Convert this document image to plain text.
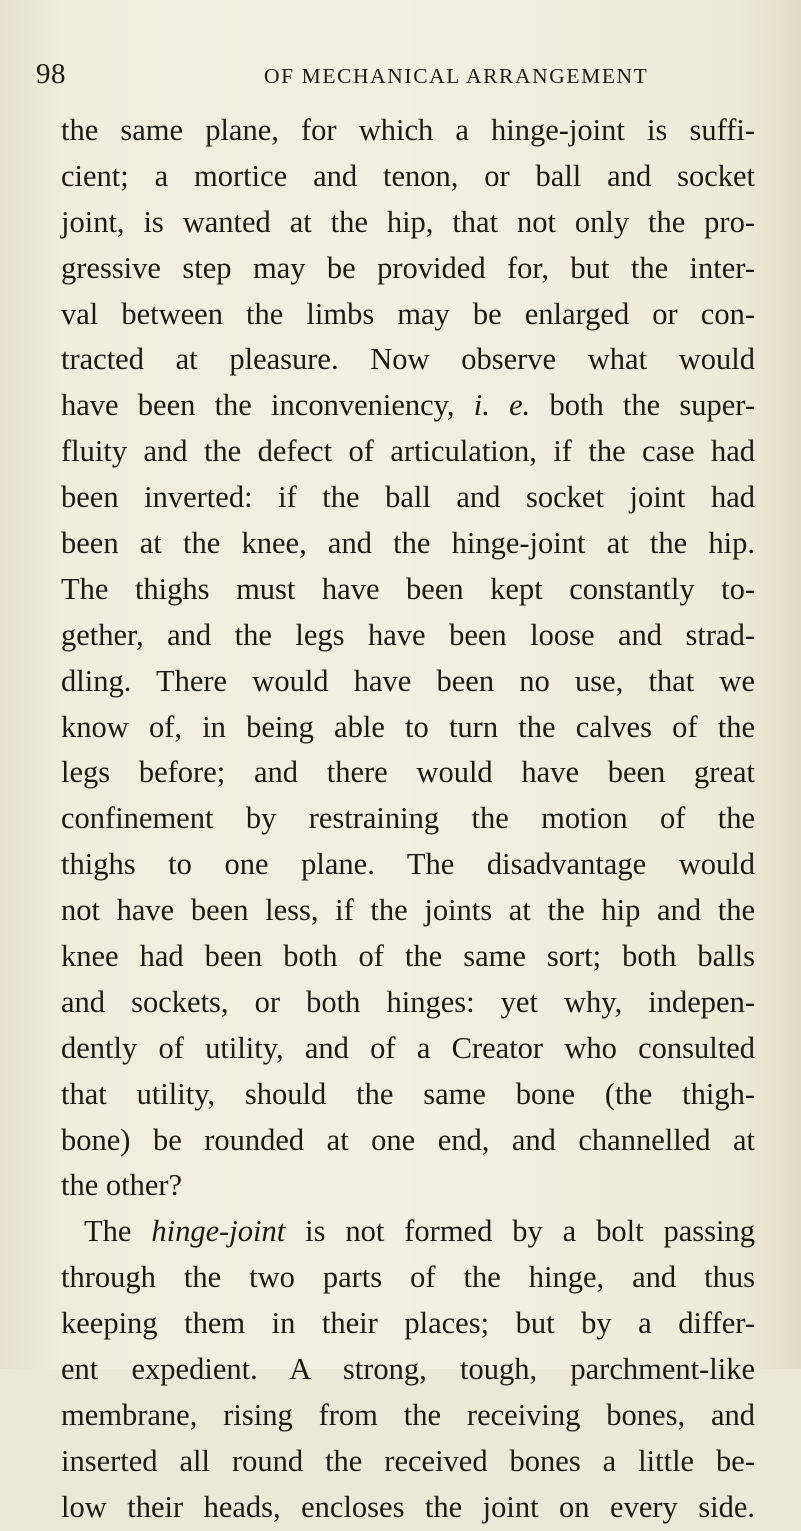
98	OF MECHANICAL ARRANGEMENT
the same plane, for which a hinge-joint is suffi-
cient; a mortice and tenon, or ball and socket
joint, is wanted at the hip, that not only the pro-
gressive step may be provided for, but the inter-
val between the limbs may be enlarged or con-
tracted at pleasure. Now observe what would
have been the inconveniency, i. e. both the super-
fluity and the defect of articulation, if the case had
been inverted: if the ball and socket joint had
been at the knee, and the hinge-joint at the hip.
The thighs must have been kept constantly to-
gether, and the legs have been loose and strad-
dling. There would have been no use, that we
know of, in being able to turn the calves of the
legs before; and there would have been great
confinement by restraining the motion of the
thighs to one plane. The disadvantage would
not have been less, if the joints at the hip and the
knee had been both of the same sort; both balls
and sockets, or both hinges: yet why, indepen-
dently of utility, and of a Creator who consulted
that utility, should the same bone (the thigh-
bone) be rounded at one end, and channelled at
the other?
The hinge-joint is not formed by a bolt passing
through the two parts of the hinge, and thus
keeping them in their places; but by a differ-
ent expedient. A strong, tough, parchment-like
membrane, rising from the receiving bones, and
inserted all round the received bones a little be-
low their heads, encloses the joint on every side.
